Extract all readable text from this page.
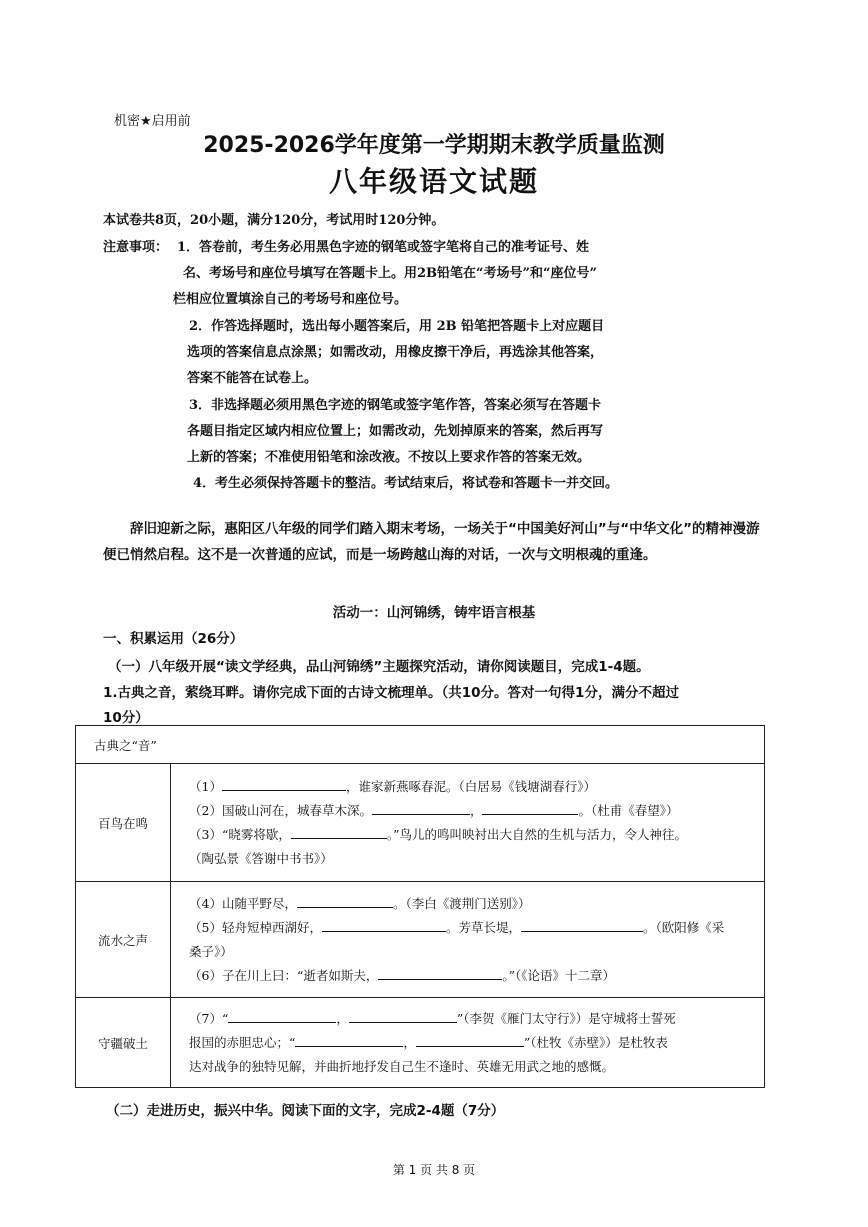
机密★启用前
2025-2026学年度第一学期期末教学质量监测
八年级语文试题
本试卷共8页，20小题，满分120分，考试用时120分钟。
注意事项： 1．答卷前，考生务必用黑色字迹的钢笔或签字笔将自己的准考证号、姓
名、考场号和座位号填写在答题卡上。用2B铅笔在“考场号”和“座位号”
栏相应位置填涂自己的考场号和座位号。
2．作答选择题时，选出每小题答案后，用 2B 铅笔把答题卡上对应题目
选项的答案信息点涂黑；如需改动，用橡皮擦干净后，再选涂其他答案，
答案不能答在试卷上。
3．非选择题必须用黑色字迹的钢笔或签字笔作答，答案必须写在答题卡
各题目指定区域内相应位置上；如需改动，先划掉原来的答案，然后再写
上新的答案；不准使用铅笔和涂改液。不按以上要求作答的答案无效。
4．考生必须保持答题卡的整洁。考试结束后，将试卷和答题卡一并交回。
辞旧迎新之际，惠阳区八年级的同学们踏入期末考场，一场关于“中国美好河山”与“中华文化”的精神漫游便已悄然启程。这不是一次普通的应试，而是一场跨越山海的对话，一次与文明根魂的重逢。
活动一：山河锦绣，铸牢语言根基
一、积累运用（26分）
（一）八年级开展“读文学经典，品山河锦绣”主题探究活动，请你阅读题目，完成1-4题。
1.古典之音，萦绕耳畔。请你完成下面的古诗文梳理单。（共10分。答对一句得1分，满分不超过
10分）
古典之“音”	
百鸟在鸣	（1） ，谁家新燕啄春泥。（白居易《钱塘湖春行》）
（2）国破山河在，城春草木深。 ， 。（杜甫《春望》）
（3）“晓雾将歇， 。”鸟儿的鸣叫映衬出大自然的生机与活力，令人神往。
（陶弘景《答谢中书书》）

流水之声	（4）山随平野尽， 。（李白《渡荆门送别》）
（5）轻舟短棹西湖好， 。芳草长堤， 。（欧阳修《采
桑子》）
（6）子在川上曰：“逝者如斯夫， 。”（《论语》十二章）

守疆破土	（7）“ ， ”（李贺《雁门太守行》）是守城将士誓死
报国的赤胆忠心；“ ， ”（杜牧《赤壁》）是杜牧表
达对战争的独特见解，并曲折地抒发自己生不逢时、英雄无用武之地的感慨。
（二）走进历史，振兴中华。阅读下面的文字，完成2-4题（7分）
第 1 页 共 8 页
